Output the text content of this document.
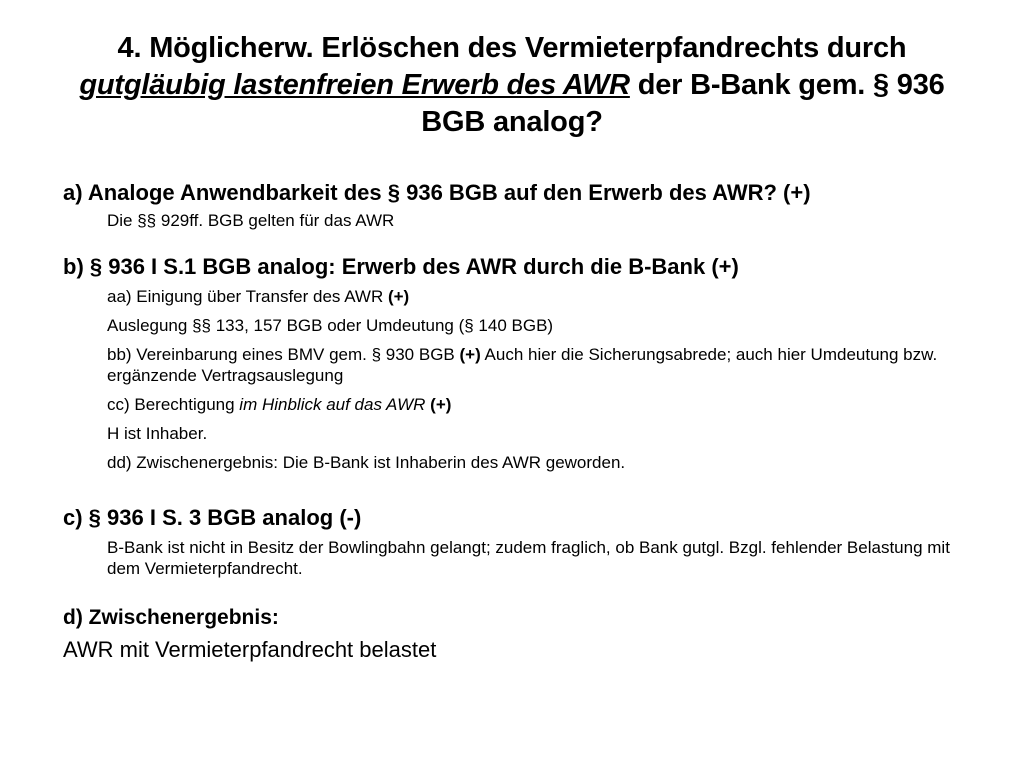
4. Möglicherw. Erlöschen des Vermieterpfandrechts durch
gutgläubig lastenfreien Erwerb des AWR der B-Bank gem. § 936
BGB analog?

a) Analoge Anwendbarkeit des § 936 BGB auf den Erwerb des AWR? (+)

Die §§ 929ff. BGB gelten für das AWR

b) § 936 I S.1 BGB analog: Erwerb des AWR durch die B-Bank (+)

aa) Einigung über Transfer des AWR (+)

Auslegung §§ 133, 157 BGB oder Umdeutung (§ 140 BGB)

bb) Vereinbarung eines BMV gem. § 930 BGB (+) Auch hier die Sicherungsabrede; auch hier Umdeutung bzw. ergänzende Vertragsauslegung

cc) Berechtigung im Hinblick auf das AWR (+)

H ist Inhaber.

dd) Zwischenergebnis: Die B-Bank ist Inhaberin des AWR geworden.

c) § 936 I S. 3 BGB analog (-)

B-Bank ist nicht in Besitz der Bowlingbahn gelangt; zudem fraglich, ob Bank gutgl. Bzgl. fehlender Belastung mit dem Vermieterpfandrecht.

d) Zwischenergebnis:

AWR mit Vermieterpfandrecht belastet
